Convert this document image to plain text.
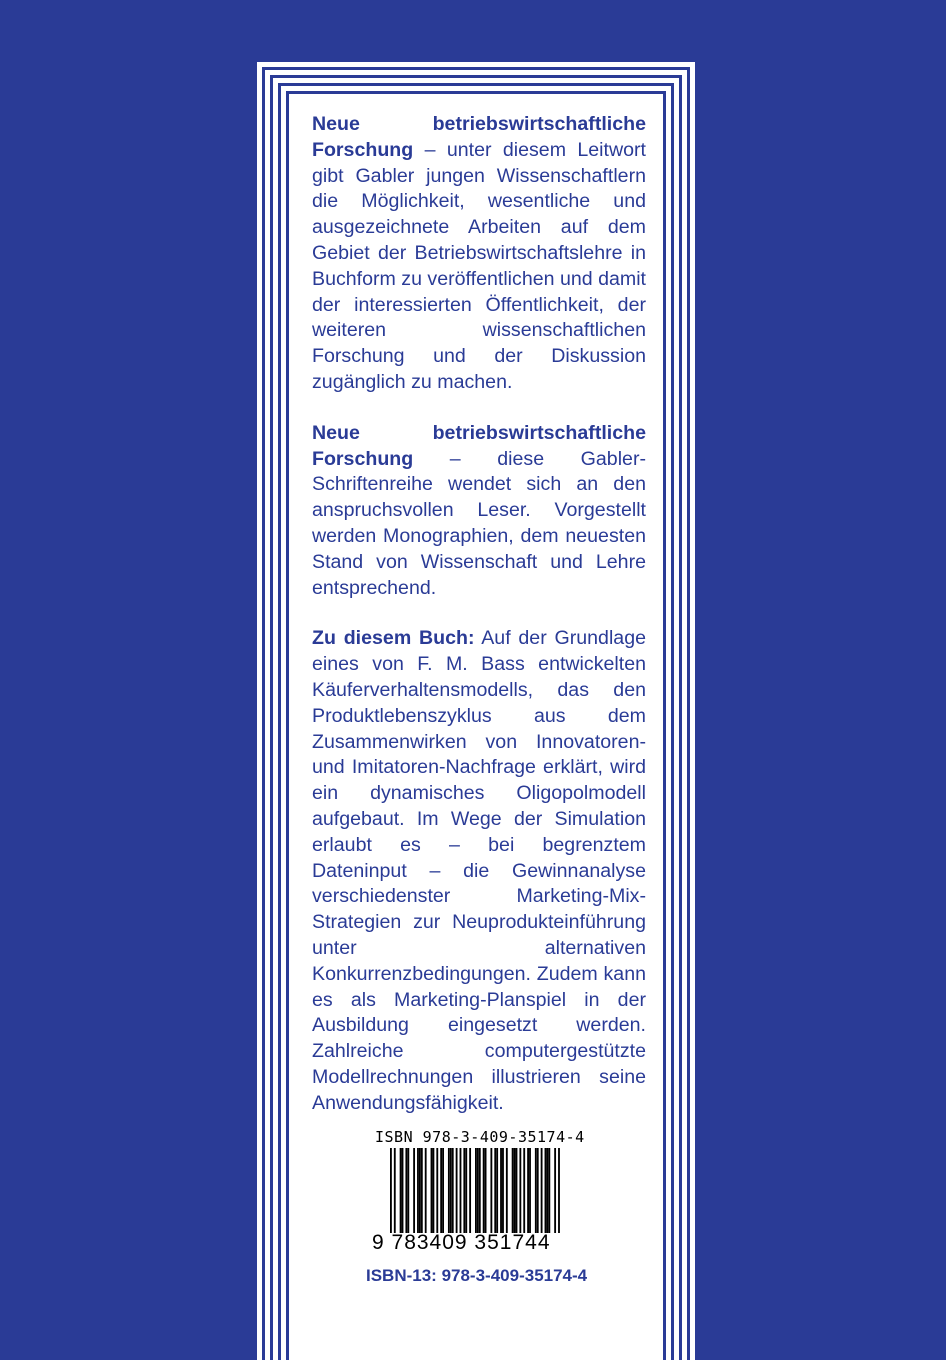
Neue betriebswirtschaftliche Forschung – unter diesem Leitwort gibt Gabler jungen Wissenschaftlern die Möglichkeit, wesentliche und ausgezeichnete Arbeiten auf dem Gebiet der Betriebswirtschaftslehre in Buchform zu veröffentlichen und damit der interessierten Öffentlichkeit, der weiteren wissenschaftlichen Forschung und der Diskussion zugänglich zu machen.

Neue betriebswirtschaftliche Forschung – diese Gabler-Schriftenreihe wendet sich an den anspruchsvollen Leser. Vorgestellt werden Monographien, dem neuesten Stand von Wissenschaft und Lehre entsprechend.

Zu diesem Buch: Auf der Grundlage eines von F. M. Bass entwickelten Käuferverhaltensmodells, das den Produktlebenszyklus aus dem Zusammenwirken von Innovatoren- und Imitatoren-Nachfrage erklärt, wird ein dynamisches Oligopolmodell aufgebaut. Im Wege der Simulation erlaubt es – bei begrenztem Dateninput – die Gewinnanalyse verschiedenster Marketing-Mix-Strategien zur Neuprodukteinführung unter alternativen Konkurrenzbedingungen. Zudem kann es als Marketing-Planspiel in der Ausbildung eingesetzt werden. Zahlreiche computergestützte Modellrechnungen illustrieren seine Anwendungsfähigkeit.

ISBN 978-3-409-35174-4
9 783409 351744
ISBN-13: 978-3-409-35174-4
